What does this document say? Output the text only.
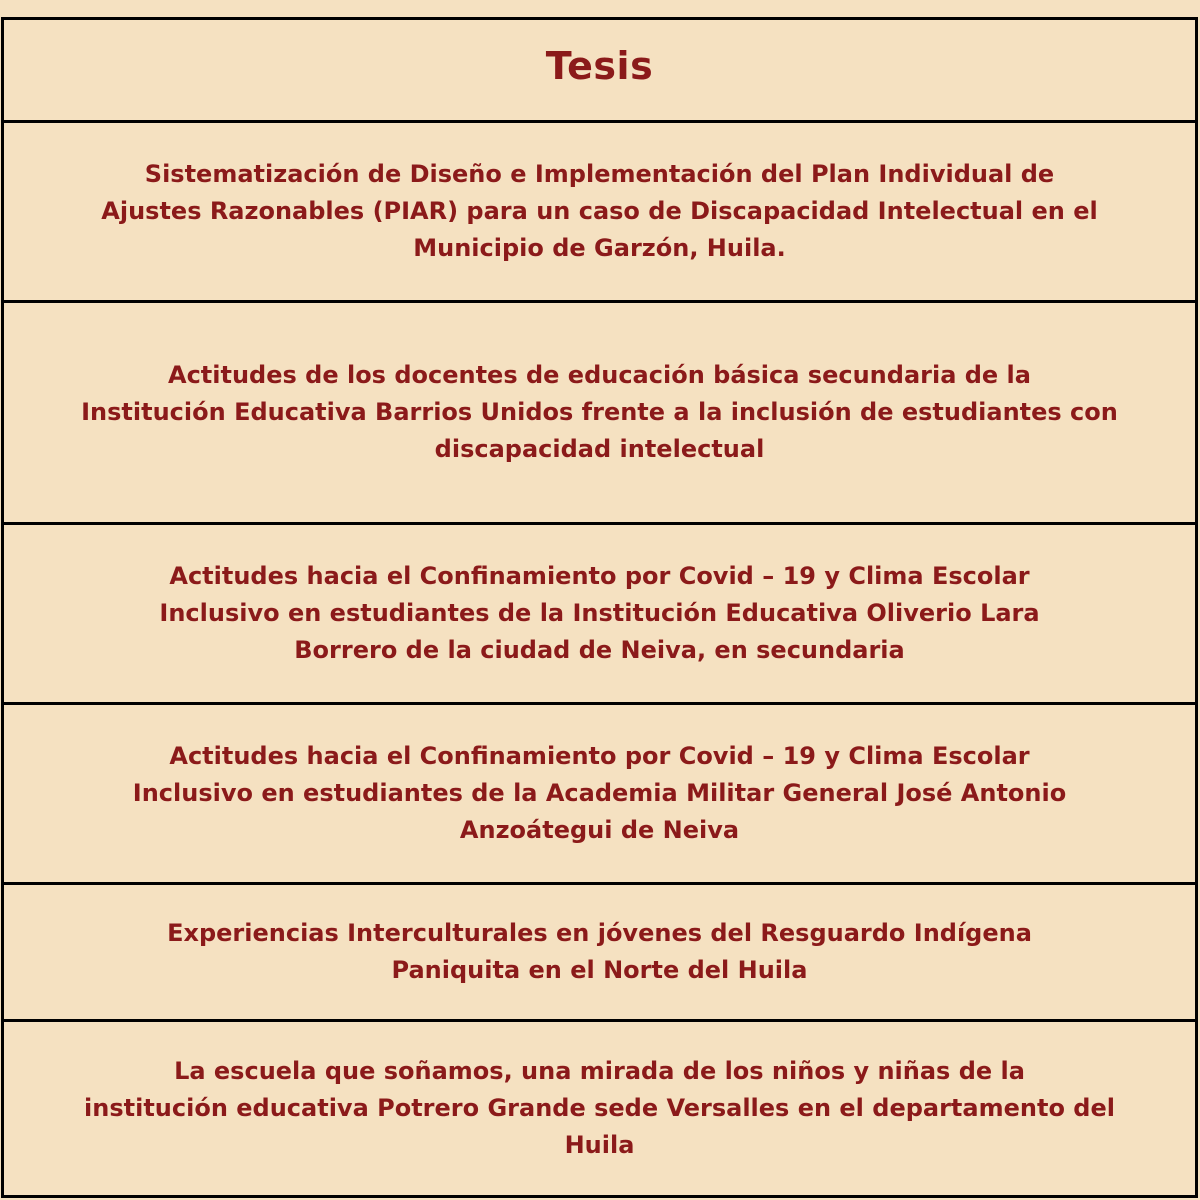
Tesis
Sistematización de Diseño e Implementación del Plan Individual de
Ajustes Razonables (PIAR) para un caso de Discapacidad Intelectual en el
Municipio de Garzón, Huila.
Actitudes de los docentes de educación básica secundaria de la
Institución Educativa Barrios Unidos frente a la inclusión de estudiantes con
discapacidad intelectual
Actitudes hacia el Confinamiento por Covid – 19 y Clima Escolar
Inclusivo en estudiantes de la Institución Educativa Oliverio Lara
Borrero de la ciudad de Neiva, en secundaria
Actitudes hacia el Confinamiento por Covid – 19 y Clima Escolar
Inclusivo en estudiantes de la Academia Militar General José Antonio
Anzoátegui de Neiva
Experiencias Interculturales en jóvenes del Resguardo Indígena
Paniquita en el Norte del Huila
La escuela que soñamos, una mirada de los niños y niñas de la
institución educativa Potrero Grande sede Versalles en el departamento del
Huila
